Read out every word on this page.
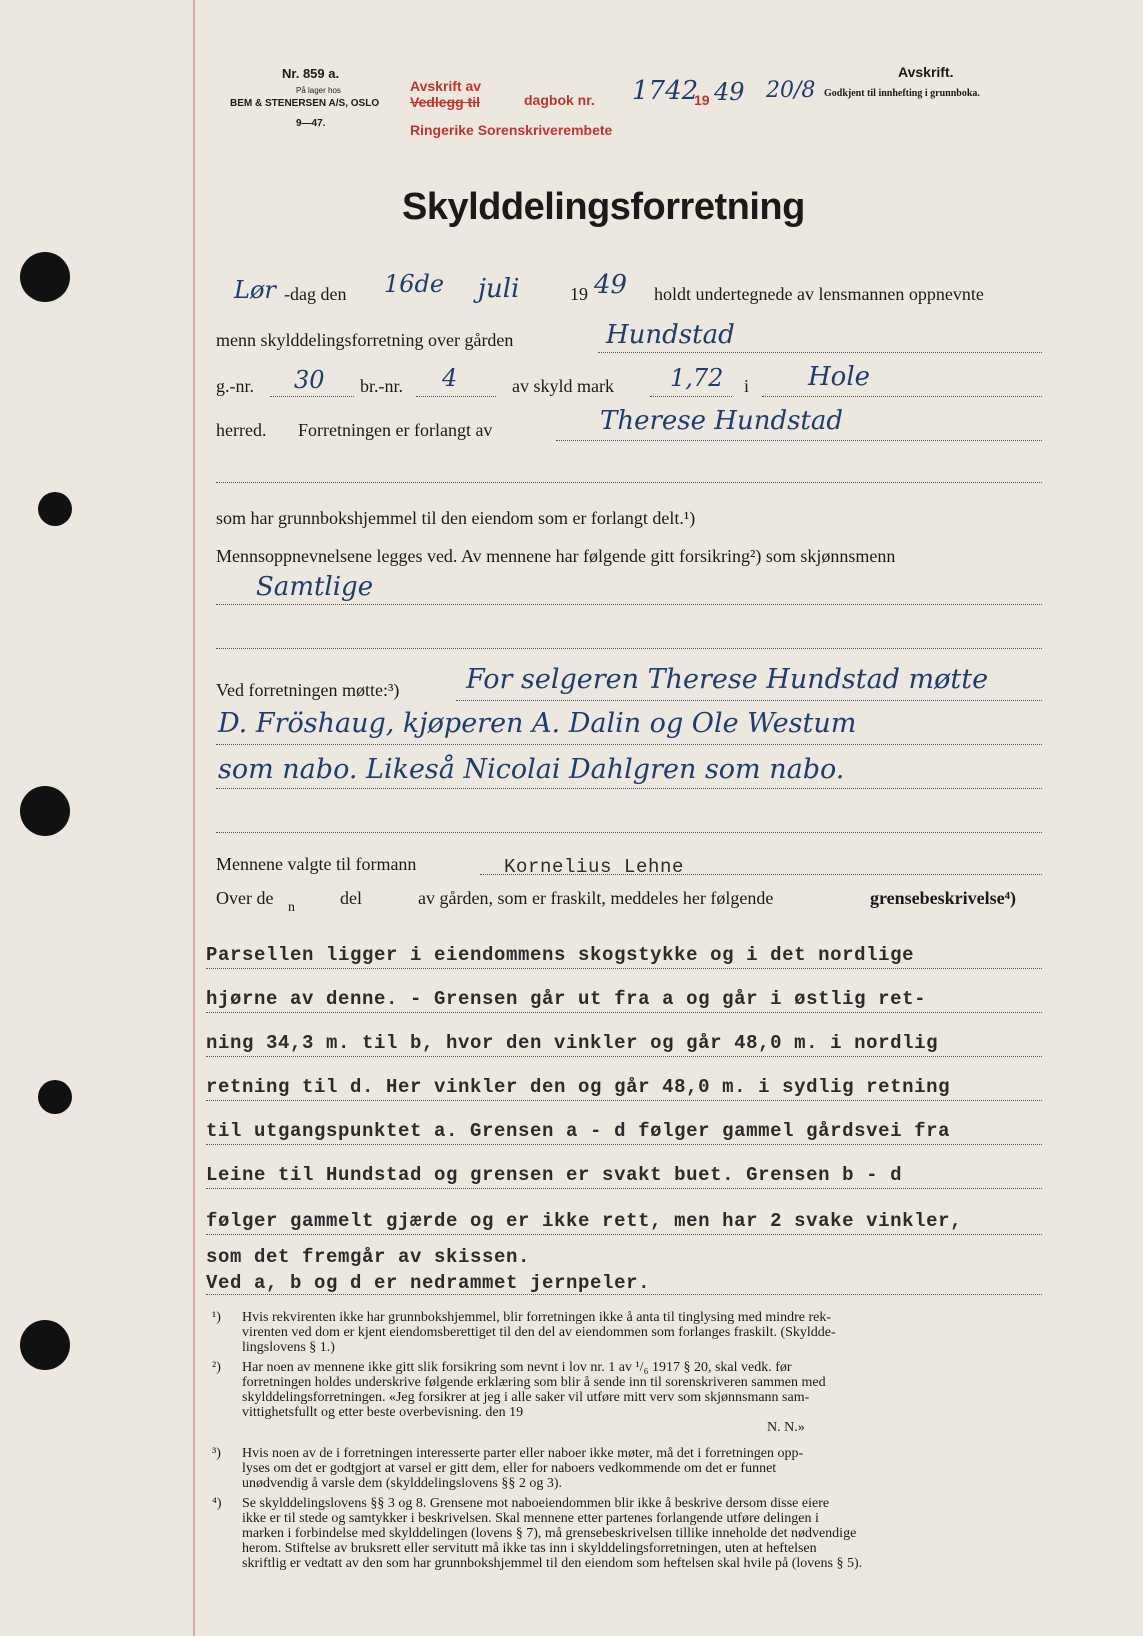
Nr. 859 a.
På lager hos
BEM & STENERSEN A/S, OSLO
9—47.
Avskrift av
Vedlegg til	dagbok nr.
Ringerike Sorenskriverembete
1742
19 49 20/8
Avskrift.
Godkjent til innhefting i grunnboka.
Skylddelingsforretning
Lør -dag den 16de juli	19 49 holdt undertegnede av lensmannen oppnevnte
menn skylddelingsforretning over gården	Hundstad
g.-nr. 30 br.-nr. 4	av skyld mark 1,72 i Hole
herred. Forretningen er forlangt av	Therese Hundstad
som har grunnbokshjemmel til den eiendom som er forlangt delt.¹)
Mennsoppnevnelsene legges ved. Av mennene har følgende gitt forsikring²) som skjønnsmenn
Samtlige
Ved forretningen møtte:³) For selgeren Therese Hundstad møtte
D. Fröshaug, kjøperen A. Dalin og Ole Westum
som nabo. Likeså Nicolai Dahlgren som nabo.
Mennene valgte til formann	Kornelius Lehne
Over de n	del	av gården, som er fraskilt, meddeles her følgende	grensebeskrivelse⁴)
Parsellen ligger i eiendommens skogstykke og i det nordlige
hjørne av denne. - Grensen går ut fra a og går i østlig ret-
ning 34,3 m. til b, hvor den vinkler og går 48,0 m. i nordlig
retning til d. Her vinkler den og går 48,0 m. i sydlig retning
til utgangspunktet a. Grensen a - d følger gammel gårdsvei fra
Leine til Hundstad og grensen er svakt buet. Grensen b - d
følger gammelt gjærde og er ikke rett, men har 2 svake vinkler,
som det fremgår av skissen.
Ved a, b og d er nedrammet jernpeler.
¹) Hvis rekvirenten ikke har grunnbokshjemmel, blir forretningen ikke å anta til tinglysing med mindre rek-
virenten ved dom er kjent eiendomsberettiget til den del av eiendommen som forlanges fraskilt. (Skyldde-
lingslovens § 1.)
²) Har noen av mennene ikke gitt slik forsikring som nevnt i lov nr. 1 av ¹/₆ 1917 § 20, skal vedk. før
forretningen holdes underskrive følgende erklæring som blir å sende inn til sorenskriveren sammen med
skylddelingsforretningen. «Jeg forsikrer at jeg i alle saker vil utføre mitt verv som skjønnsmann sam-
vittighetsfullt og etter beste overbevisning. den 19
N. N.»
³) Hvis noen av de i forretningen interesserte parter eller naboer ikke møter, må det i forretningen opp-
lyses om det er godtgjort at varsel er gitt dem, eller for naboers vedkommende om det er funnet
unødvendig å varsle dem (skylddelingslovens §§ 2 og 3).
⁴) Se skylddelingslovens §§ 3 og 8. Grensene mot naboeiendommen blir ikke å beskrive dersom disse eiere
ikke er til stede og samtykker i beskrivelsen. Skal mennene etter partenes forlangende utføre delingen i
marken i forbindelse med skylddelingen (lovens § 7), må grensebeskrivelsen tillike inneholde det nødvendige
herom. Stiftelse av bruksrett eller servitutt må ikke tas inn i skylddelingsforretningen, uten at heftelsen
skriftlig er vedtatt av den som har grunnbokshjemmel til den eiendom som heftelsen skal hvile på (lovens § 5).
